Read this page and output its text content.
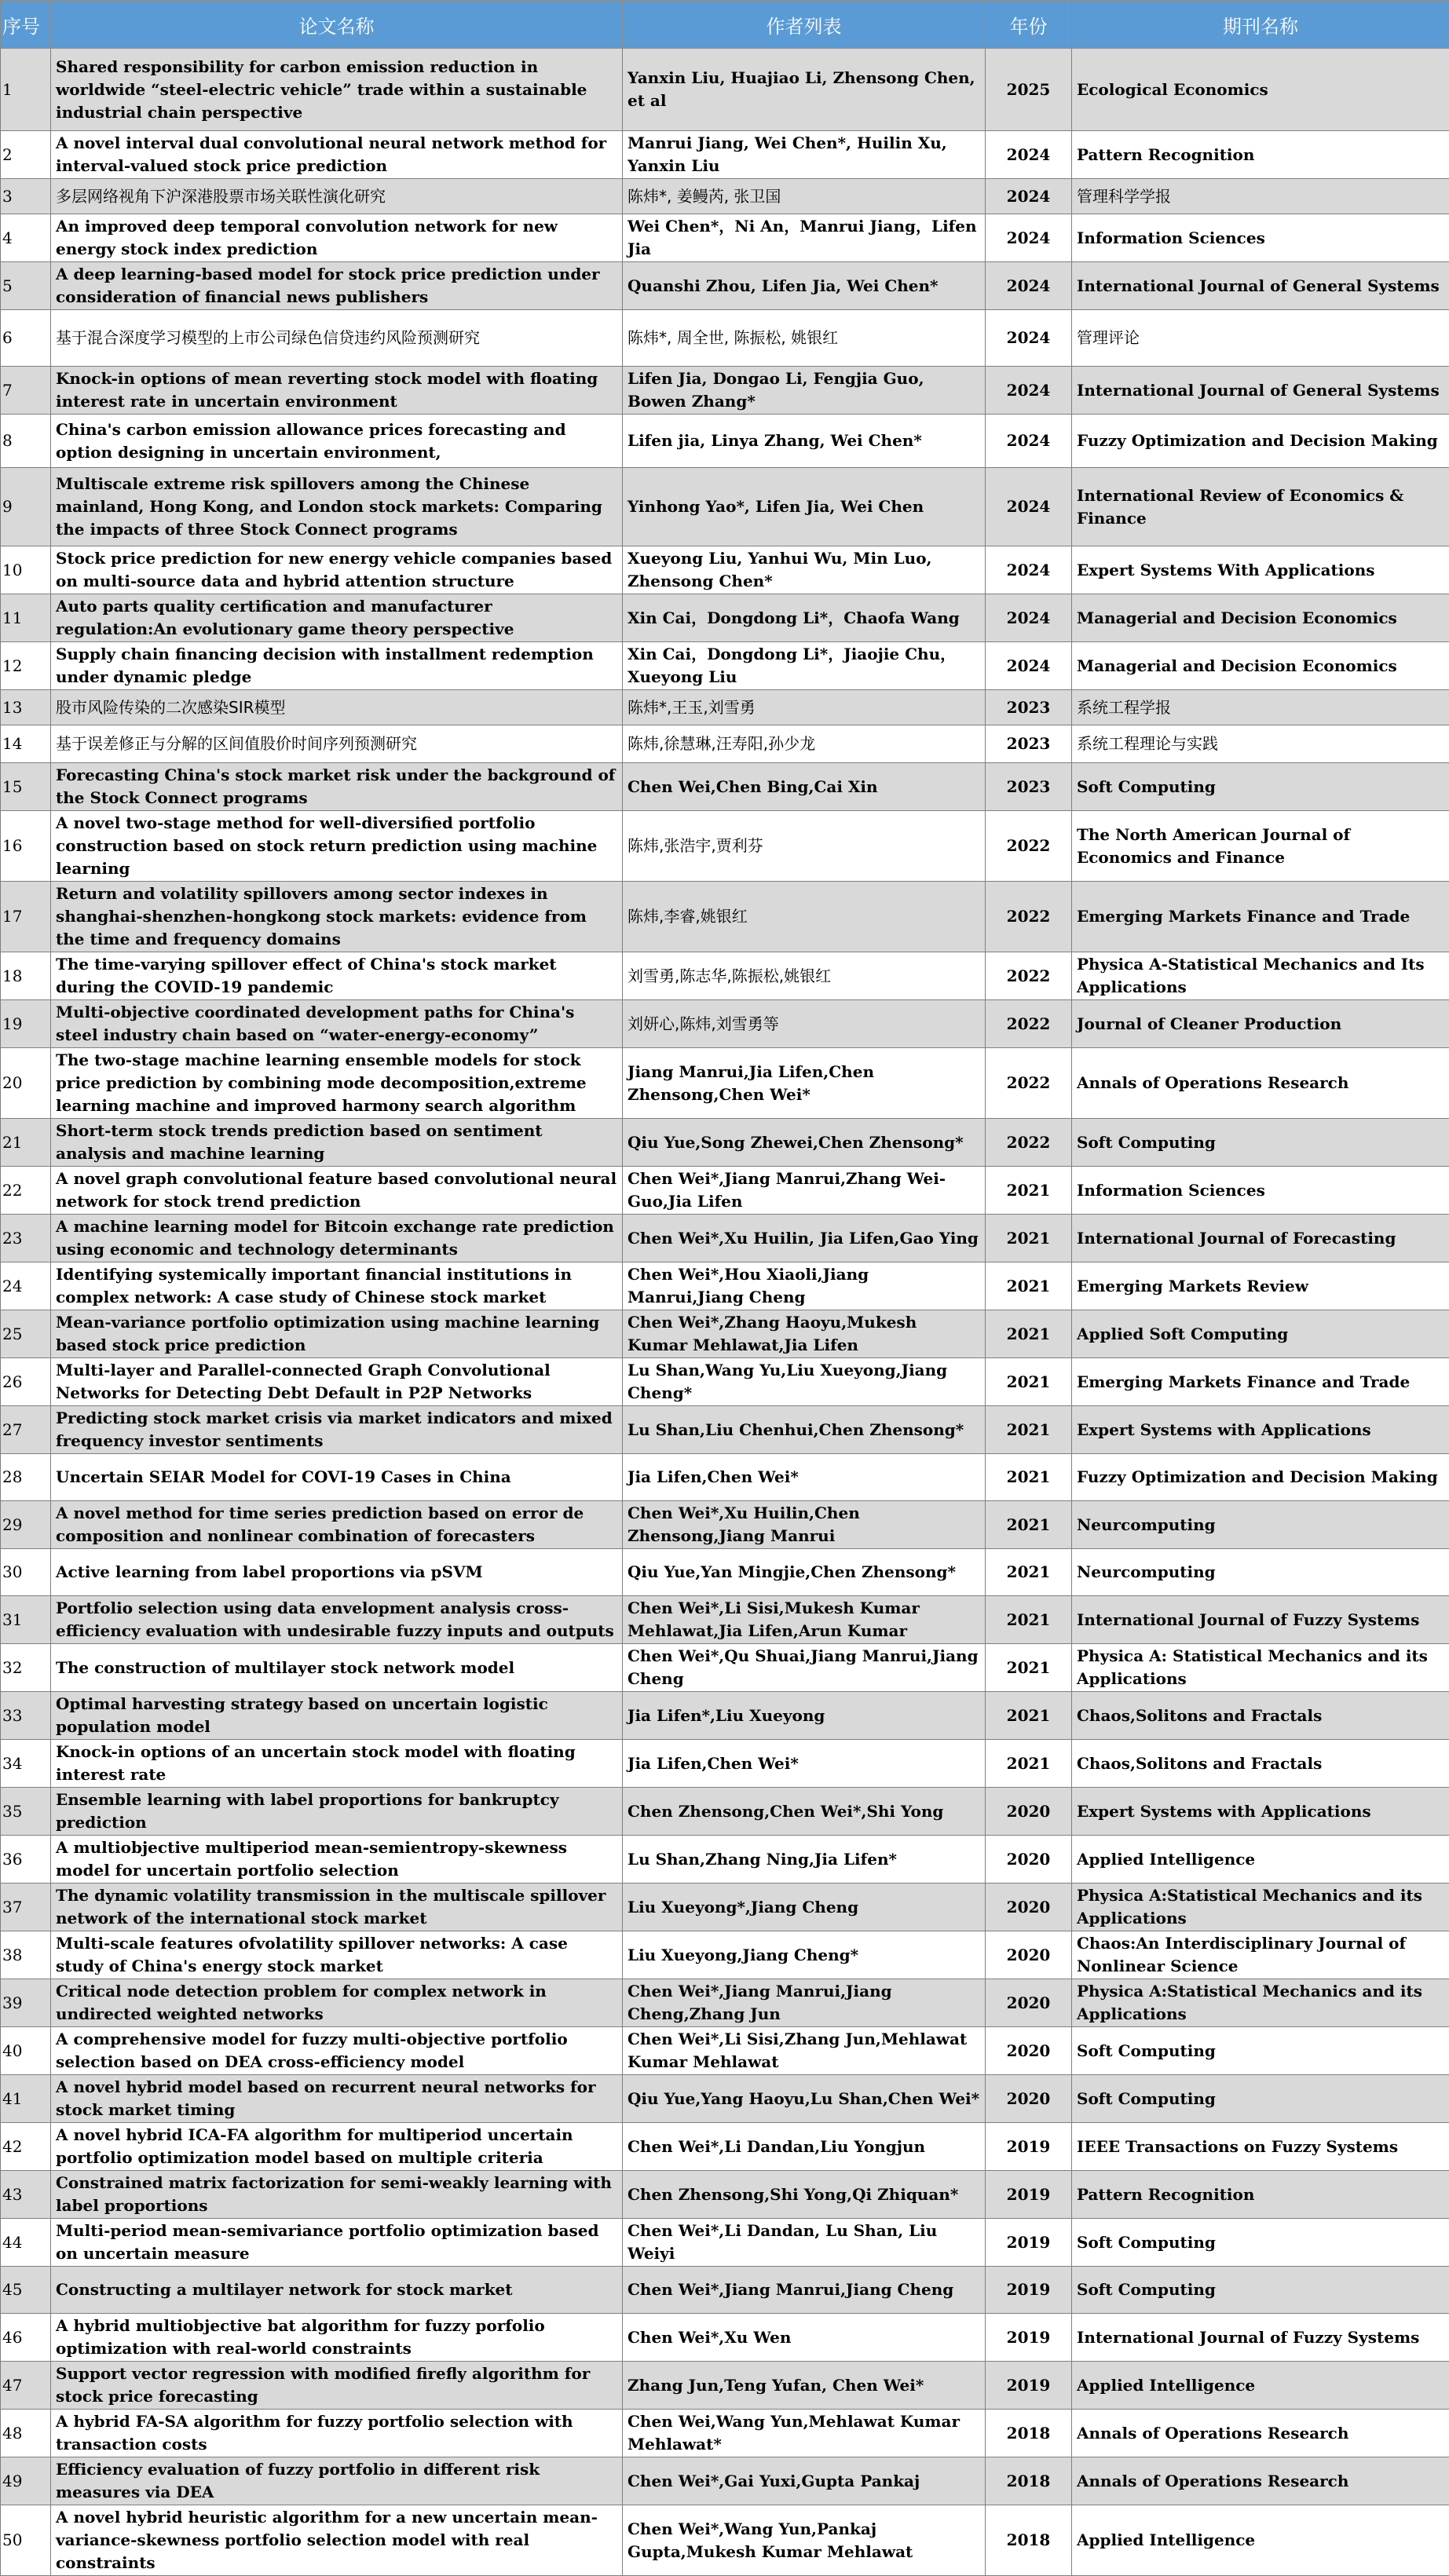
序号	论文名称	作者列表	年份	期刊名称
1	Shared responsibility for carbon emission reduction in worldwide “steel-electric vehicle” trade within a sustainable industrial chain perspective	Yanxin Liu, Huajiao Li, Zhensong Chen, et al	2025	Ecological Economics
2	A novel interval dual convolutional neural network method for interval-valued stock price prediction	Manrui Jiang, Wei Chen*, Huilin Xu, Yanxin Liu	2024	Pattern Recognition
3	多层网络视角下沪深港股票市场关联性演化研究	陈炜*, 姜鳗芮, 张卫国	2024	管理科学学报
4	An improved deep temporal convolution network for new energy stock index prediction	Wei Chen*，Ni An，Manrui Jiang，Lifen Jia	2024	Information Sciences
5	A deep learning-based model for stock price prediction under consideration of financial news publishers	Quanshi Zhou, Lifen Jia, Wei Chen*	2024	International Journal of General Systems
6	基于混合深度学习模型的上市公司绿色信贷违约风险预测研究	陈炜*, 周全世, 陈振松, 姚银红	2024	管理评论
7	Knock-in options of mean reverting stock model with floating interest rate in uncertain environment	Lifen Jia, Dongao Li, Fengjia Guo, Bowen Zhang*	2024	International Journal of General Systems
8	China's carbon emission allowance prices forecasting and option designing in uncertain environment,	Lifen jia, Linya Zhang, Wei Chen*	2024	Fuzzy Optimization and Decision Making
9	Multiscale extreme risk spillovers among the Chinese mainland, Hong Kong, and London stock markets: Comparing the impacts of three Stock Connect programs	Yinhong Yao*, Lifen Jia, Wei Chen	2024	International Review of Economics & Finance
10	Stock price prediction for new energy vehicle companies based on multi-source data and hybrid attention structure	Xueyong Liu, Yanhui Wu, Min Luo, Zhensong Chen*	2024	Expert Systems With Applications
11	Auto parts quality certification and manufacturer regulation:An evolutionary game theory perspective	Xin Cai，Dongdong Li*，Chaofa Wang	2024	Managerial and Decision Economics
12	Supply chain financing decision with installment redemption under dynamic pledge	Xin Cai，Dongdong Li*，Jiaojie Chu，Xueyong Liu	2024	Managerial and Decision Economics
13	股市风险传染的二次感染SIR模型	陈炜*,王玉,刘雪勇	2023	系统工程学报
14	基于误差修正与分解的区间值股价时间序列预测研究	陈炜,徐慧琳,汪寿阳,孙少龙	2023	系统工程理论与实践
15	Forecasting China's stock market risk under the background of the Stock Connect programs	Chen Wei,Chen Bing,Cai Xin	2023	Soft Computing
16	A novel two-stage method for well-diversified portfolio construction based on stock return prediction using machine learning	陈炜,张浩宇,贾利芬	2022	The North American Journal of Economics and Finance
17	Return and volatility spillovers among sector indexes in shanghai-shenzhen-hongkong stock markets: evidence from the time and frequency domains	陈炜,李睿,姚银红	2022	Emerging Markets Finance and Trade
18	The time-varying spillover effect of China's stock market during the COVID-19 pandemic	刘雪勇,陈志华,陈振松,姚银红	2022	Physica A-Statistical Mechanics and Its Applications
19	Multi-objective coordinated development paths for China's steel industry chain based on “water-energy-economy”	刘妍心,陈炜,刘雪勇等	2022	Journal of Cleaner Production
20	The two-stage machine learning ensemble models for stock price prediction by combining mode decomposition,extreme learning machine and improved harmony search algorithm	Jiang Manrui,Jia Lifen,Chen Zhensong,Chen Wei*	2022	Annals of Operations Research
21	Short-term stock trends prediction based on sentiment analysis and machine learning	Qiu Yue,Song Zhewei,Chen Zhensong*	2022	Soft Computing
22	A novel graph convolutional feature based convolutional neural network for stock trend prediction	Chen Wei*,Jiang Manrui,Zhang Wei-Guo,Jia Lifen	2021	Information Sciences
23	A machine learning model for Bitcoin exchange rate prediction using economic and technology determinants	Chen Wei*,Xu Huilin, Jia Lifen,Gao Ying	2021	International Journal of Forecasting
24	Identifying systemically important financial institutions in complex network: A case study of Chinese stock market	Chen Wei*,Hou Xiaoli,Jiang Manrui,Jiang Cheng	2021	Emerging Markets Review
25	Mean-variance portfolio optimization using machine learning based stock price prediction	Chen Wei*,Zhang Haoyu,Mukesh Kumar Mehlawat,Jia Lifen	2021	Applied Soft Computing
26	Multi-layer and Parallel-connected Graph Convolutional Networks for Detecting Debt Default in P2P Networks	Lu Shan,Wang Yu,Liu Xueyong,Jiang Cheng*	2021	Emerging Markets Finance and Trade
27	Predicting stock market crisis via market indicators and mixed frequency investor sentiments	Lu Shan,Liu Chenhui,Chen Zhensong*	2021	Expert Systems with Applications
28	Uncertain SEIAR Model for COVI-19 Cases in China	Jia Lifen,Chen Wei*	2021	Fuzzy Optimization and Decision Making
29	A novel method for time series prediction based on error de composition and nonlinear combination of forecasters	Chen Wei*,Xu Huilin,Chen Zhensong,Jiang Manrui	2021	Neurcomputing
30	Active learning from label proportions via pSVM	Qiu Yue,Yan Mingjie,Chen Zhensong*	2021	Neurcomputing
31	Portfolio selection using data envelopment analysis cross-efficiency evaluation with undesirable fuzzy inputs and outputs	Chen Wei*,Li Sisi,Mukesh Kumar Mehlawat,Jia Lifen,Arun Kumar	2021	International Journal of Fuzzy Systems
32	The construction of multilayer stock network model	Chen Wei*,Qu Shuai,Jiang Manrui,Jiang Cheng	2021	Physica A: Statistical Mechanics and its Applications
33	Optimal harvesting strategy based on uncertain logistic population model	Jia Lifen*,Liu Xueyong	2021	Chaos,Solitons and Fractals
34	Knock-in options of an uncertain stock model with floating interest rate	Jia Lifen,Chen Wei*	2021	Chaos,Solitons and Fractals
35	Ensemble learning with label proportions for bankruptcy prediction	Chen Zhensong,Chen Wei*,Shi Yong	2020	Expert Systems with Applications
36	A multiobjective multiperiod mean-semientropy-skewness model for uncertain portfolio selection	Lu Shan,Zhang Ning,Jia Lifen*	2020	Applied Intelligence
37	The dynamic volatility transmission in the multiscale spillover network of the international stock market	Liu Xueyong*,Jiang Cheng	2020	Physica A:Statistical Mechanics and its Applications
38	Multi-scale features ofvolatility spillover networks: A case study of China's energy stock market	Liu Xueyong,Jiang Cheng*	2020	Chaos:An Interdisciplinary Journal of Nonlinear Science
39	Critical node detection problem for complex network in undirected weighted networks	Chen Wei*,Jiang Manrui,Jiang Cheng,Zhang Jun	2020	Physica A:Statistical Mechanics and its Applications
40	A comprehensive model for fuzzy multi-objective portfolio selection based on DEA cross-efficiency model	Chen Wei*,Li Sisi,Zhang Jun,Mehlawat Kumar Mehlawat	2020	Soft Computing
41	A novel hybrid model based on recurrent neural networks for stock market timing	Qiu Yue,Yang Haoyu,Lu Shan,Chen Wei*	2020	Soft Computing
42	A novel hybrid ICA-FA algorithm for multiperiod uncertain portfolio optimization model based on multiple criteria	Chen Wei*,Li Dandan,Liu Yongjun	2019	IEEE Transactions on Fuzzy Systems
43	Constrained matrix factorization for semi-weakly learning with label proportions	Chen Zhensong,Shi Yong,Qi Zhiquan*	2019	Pattern Recognition
44	Multi-period mean-semivariance portfolio optimization based on uncertain measure	Chen Wei*,Li Dandan, Lu Shan, Liu Weiyi	2019	Soft Computing
45	Constructing a multilayer network for stock market	Chen Wei*,Jiang Manrui,Jiang Cheng	2019	Soft Computing
46	A hybrid multiobjective bat algorithm for fuzzy porfolio optimization with real-world constraints	Chen Wei*,Xu Wen	2019	International Journal of Fuzzy Systems
47	Support vector regression with modified firefly algorithm for stock price forecasting	Zhang Jun,Teng Yufan, Chen Wei*	2019	Applied Intelligence
48	A hybrid FA-SA algorithm for fuzzy portfolio selection with transaction costs	Chen Wei,Wang Yun,Mehlawat Kumar Mehlawat*	2018	Annals of Operations Research
49	Efficiency evaluation of fuzzy portfolio in different risk measures via DEA	Chen Wei*,Gai Yuxi,Gupta Pankaj	2018	Annals of Operations Research
50	A novel hybrid heuristic algorithm for a new uncertain mean-variance-skewness portfolio selection model with real constraints	Chen Wei*,Wang Yun,Pankaj Gupta,Mukesh Kumar Mehlawat	2018	Applied Intelligence
